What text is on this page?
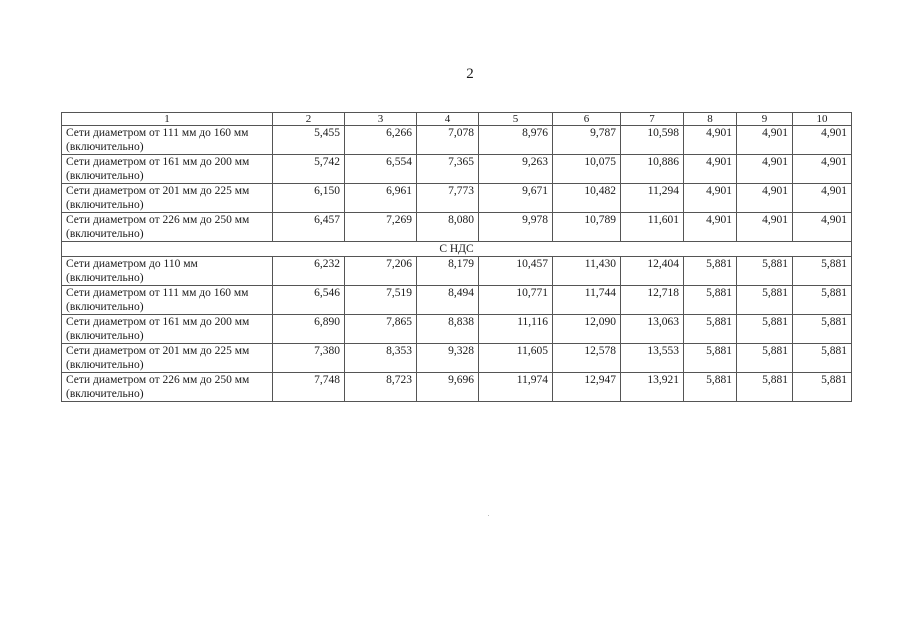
2
1	2	3	4	5	6	7	8	9	10
Сети диаметром от 111 мм до 160 мм (включительно)	5,455	6,266	7,078	8,976	9,787	10,598	4,901	4,901	4,901
Сети диаметром от 161 мм до 200 мм (включительно)	5,742	6,554	7,365	9,263	10,075	10,886	4,901	4,901	4,901
Сети диаметром от 201 мм до 225 мм (включительно)	6,150	6,961	7,773	9,671	10,482	11,294	4,901	4,901	4,901
Сети диаметром от 226 мм до 250 мм (включительно)	6,457	7,269	8,080	9,978	10,789	11,601	4,901	4,901	4,901
С НДС									
Сети диаметром до 110 мм (включительно)	6,232	7,206	8,179	10,457	11,430	12,404	5,881	5,881	5,881
Сети диаметром от 111 мм до 160 мм (включительно)	6,546	7,519	8,494	10,771	11,744	12,718	5,881	5,881	5,881
Сети диаметром от 161 мм до 200 мм (включительно)	6,890	7,865	8,838	11,116	12,090	13,063	5,881	5,881	5,881
Сети диаметром от 201 мм до 225 мм (включительно)	7,380	8,353	9,328	11,605	12,578	13,553	5,881	5,881	5,881
Сети диаметром от 226 мм до 250 мм (включительно)	7,748	8,723	9,696	11,974	12,947	13,921	5,881	5,881	5,881
